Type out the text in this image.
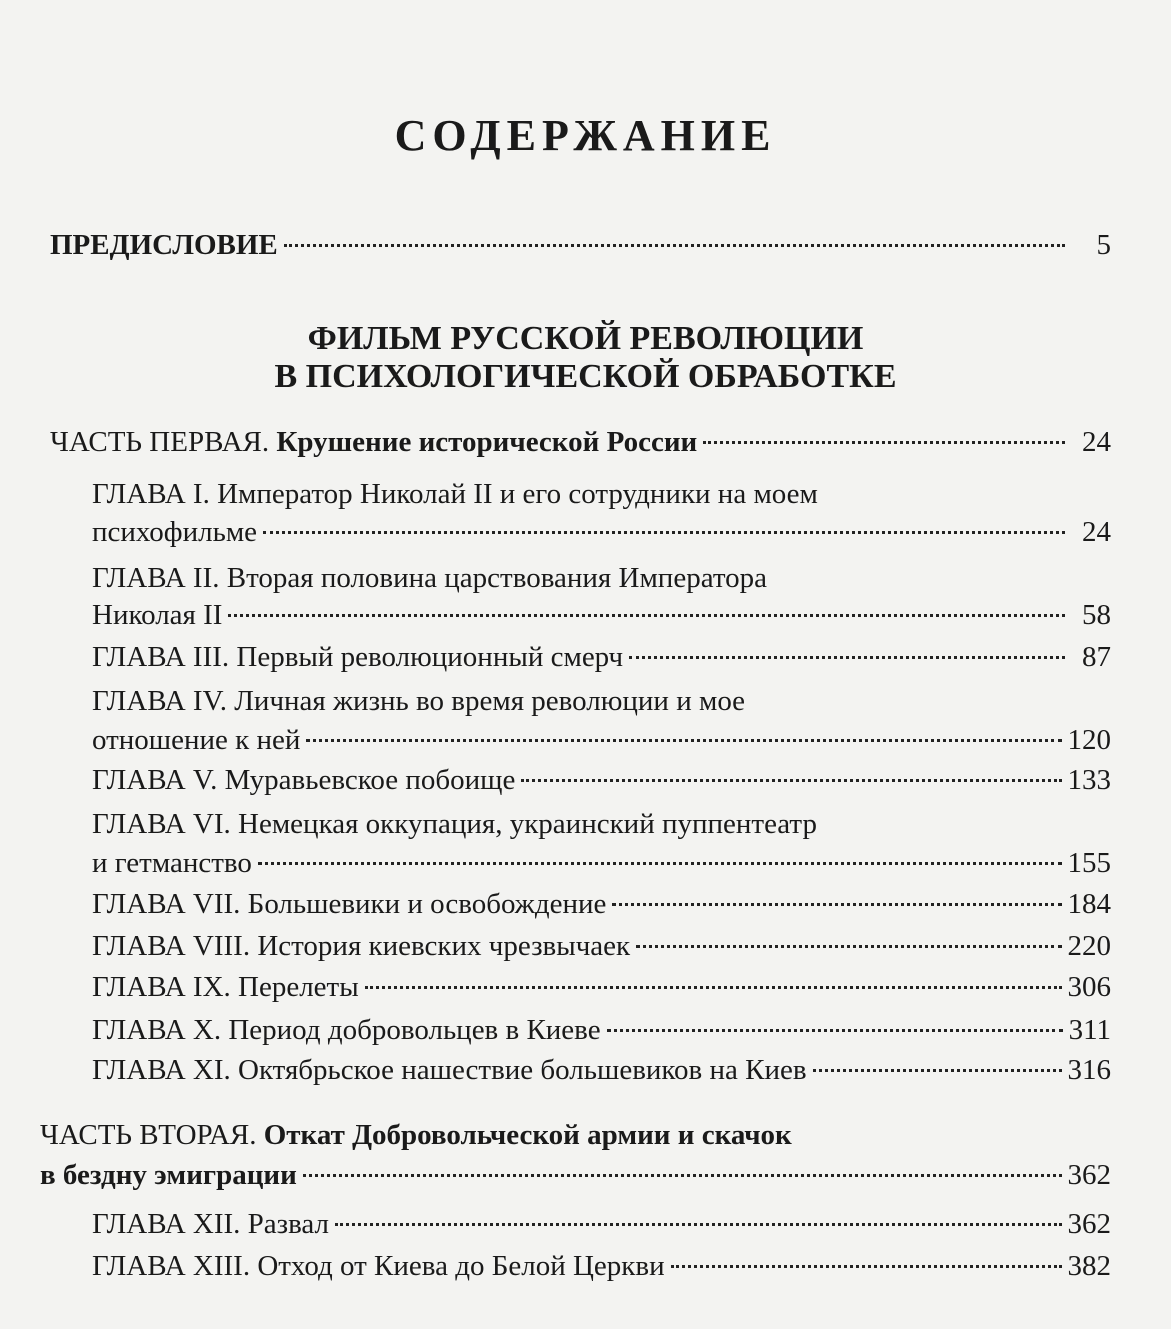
СОДЕРЖАНИЕ
ПРЕДИСЛОВИЕ	5
ФИЛЬМ РУССКОЙ РЕВОЛЮЦИИ
В ПСИХОЛОГИЧЕСКОЙ ОБРАБОТКЕ
ЧАСТЬ ПЕРВАЯ.
Крушение исторической России	24
ГЛАВА I. Император Николай II и его сотрудники на моем
психофильме	24
ГЛАВА II. Вторая половина царствования Императора
Николая II	58
ГЛАВА III. Первый революционный смерч	87
ГЛАВА IV. Личная жизнь во время революции и мое
отношение к ней	120
ГЛАВА V. Муравьевское побоище	133
ГЛАВА VI. Немецкая оккупация, украинский пуппентеатр
и гетманство	155
ГЛАВА VII. Большевики и освобождение	184
ГЛАВА VIII. История киевских чрезвычаек	220
ГЛАВА IX. Перелеты	306
ГЛАВА X. Период добровольцев в Киеве	311
ГЛАВА XI. Октябрьское нашествие большевиков на Киев	316
ЧАСТЬ ВТОРАЯ. Откат Добровольческой армии и скачок
в бездну эмиграции	362
ГЛАВА XII. Развал	362
ГЛАВА XIII. Отход от Киева до Белой Церкви	382
